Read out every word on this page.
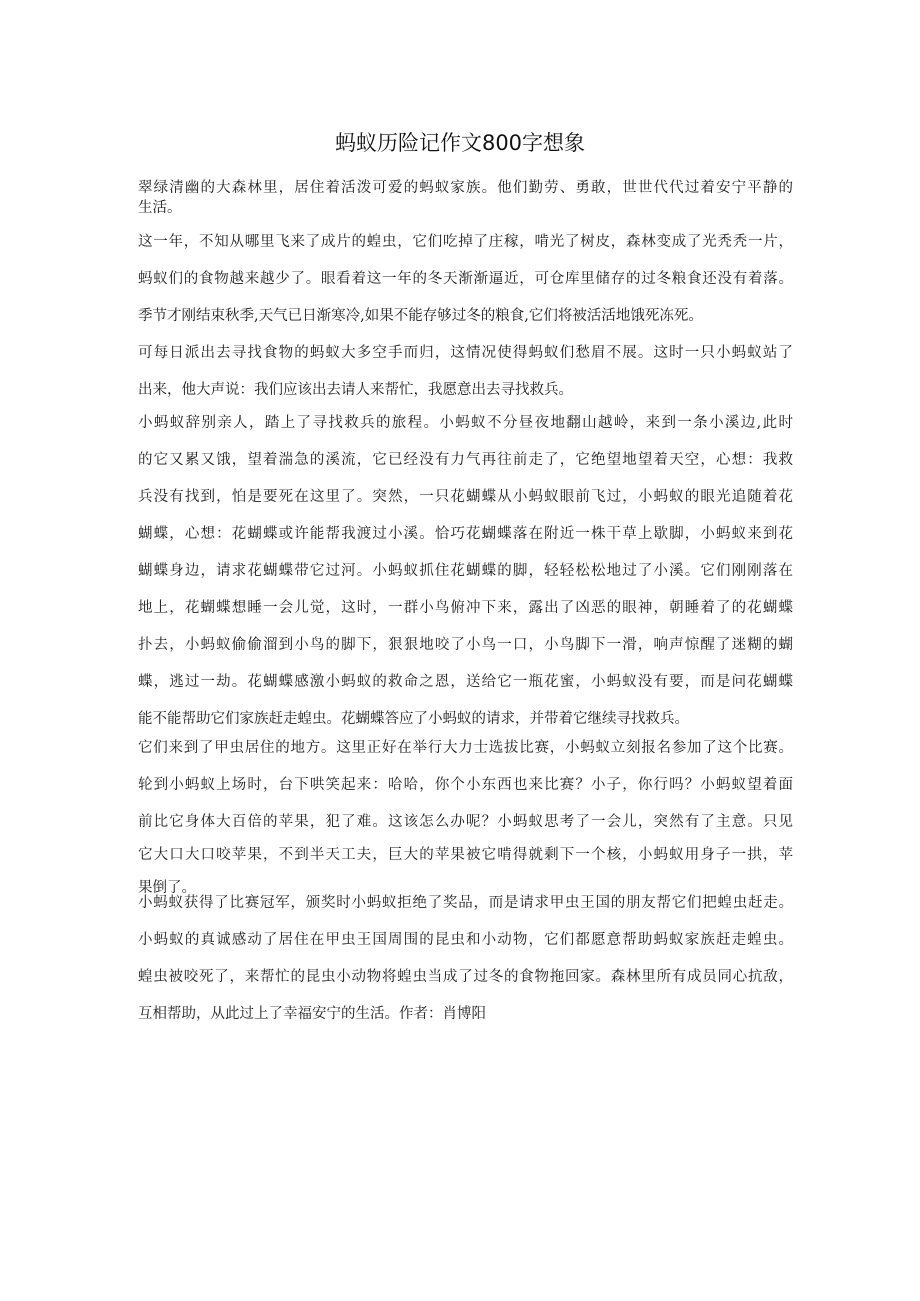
蚂蚁历险记作文800字想象
翠绿清幽的大森林里，居住着活泼可爱的蚂蚁家族。他们勤劳、勇敢，世世代代过着安宁平静的
生活。
这一年，不知从哪里飞来了成片的蝗虫，它们吃掉了庄稼，啃光了树皮，森林变成了光秃秃一片，
蚂蚁们的食物越来越少了。眼看着这一年的冬天渐渐逼近，可仓库里储存的过冬粮食还没有着落。
季节才刚结束秋季,天气已日渐寒冷,如果不能存够过冬的粮食,它们将被活活地饿死冻死。
可每日派出去寻找食物的蚂蚁大多空手而归，这情况使得蚂蚁们愁眉不展。这时一只小蚂蚁站了
出来，他大声说：我们应该出去请人来帮忙，我愿意出去寻找救兵。
小蚂蚁辞别亲人，踏上了寻找救兵的旅程。小蚂蚁不分昼夜地翻山越岭，来到一条小溪边,此时
的它又累又饿，望着湍急的溪流，它已经没有力气再往前走了，它绝望地望着天空，心想：我救
兵没有找到，怕是要死在这里了。突然，一只花蝴蝶从小蚂蚁眼前飞过，小蚂蚁的眼光追随着花
蝴蝶，心想：花蝴蝶或许能帮我渡过小溪。恰巧花蝴蝶落在附近一株干草上歇脚，小蚂蚁来到花
蝴蝶身边，请求花蝴蝶带它过河。小蚂蚁抓住花蝴蝶的脚，轻轻松松地过了小溪。它们刚刚落在
地上，花蝴蝶想睡一会儿觉，这时，一群小鸟俯冲下来，露出了凶恶的眼神，朝睡着了的花蝴蝶
扑去，小蚂蚁偷偷溜到小鸟的脚下，狠狠地咬了小鸟一口，小鸟脚下一滑，响声惊醒了迷糊的蝴
蝶，逃过一劫。花蝴蝶感激小蚂蚁的救命之恩，送给它一瓶花蜜，小蚂蚁没有要，而是问花蝴蝶
能不能帮助它们家族赶走蝗虫。花蝴蝶答应了小蚂蚁的请求，并带着它继续寻找救兵。
它们来到了甲虫居住的地方。这里正好在举行大力士选拔比赛，小蚂蚁立刻报名参加了这个比赛。
轮到小蚂蚁上场时，台下哄笑起来：哈哈，你个小东西也来比赛？小子，你行吗？小蚂蚁望着面
前比它身体大百倍的苹果，犯了难。这该怎么办呢？小蚂蚁思考了一会儿，突然有了主意。只见
它大口大口咬苹果，不到半天工夫，巨大的苹果被它啃得就剩下一个核，小蚂蚁用身子一拱，苹
果倒了。
小蚂蚁获得了比赛冠军，颁奖时小蚂蚁拒绝了奖品，而是请求甲虫王国的朋友帮它们把蝗虫赶走。
小蚂蚁的真诚感动了居住在甲虫王国周围的昆虫和小动物，它们都愿意帮助蚂蚁家族赶走蝗虫。
蝗虫被咬死了，来帮忙的昆虫小动物将蝗虫当成了过冬的食物拖回家。森林里所有成员同心抗敌，
互相帮助，从此过上了幸福安宁的生活。作者：肖博阳
